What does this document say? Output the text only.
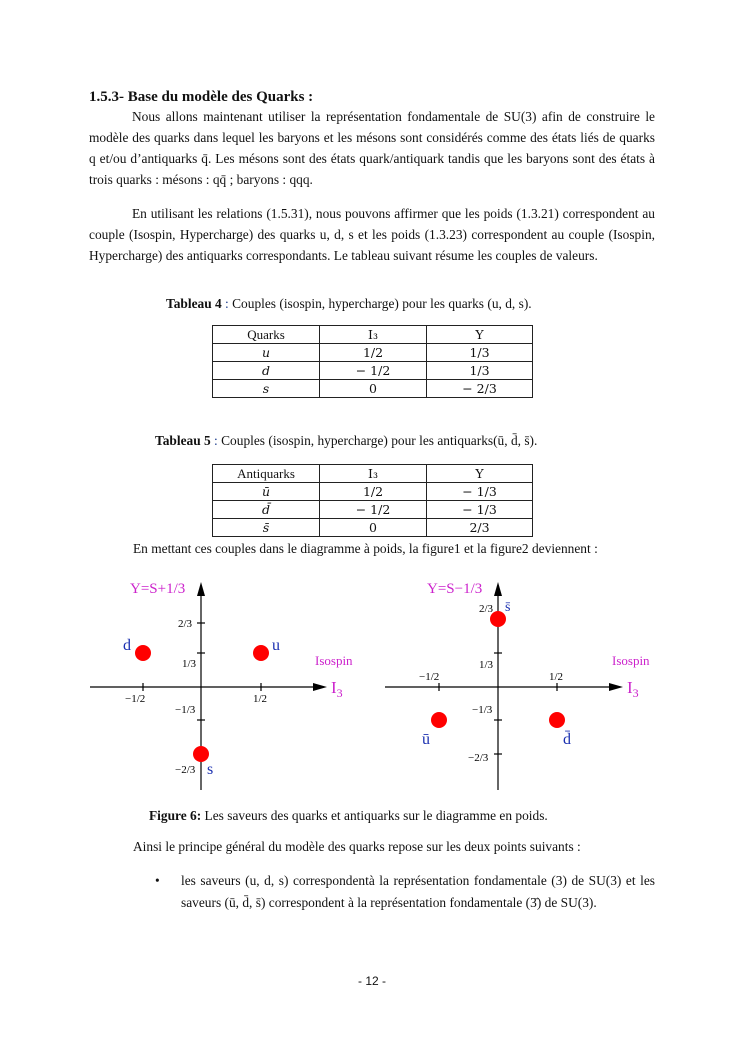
1.5.3- Base du modèle des Quarks :
Nous allons maintenant utiliser la représentation fondamentale de SU(3) afin de construire le modèle des quarks dans lequel les baryons et les mésons sont considérés comme des états liés de quarks q et/ou d’antiquarks q̄. Les mésons sont des états quark/antiquark tandis que les baryons sont des états à trois quarks : mésons : qq̄ ; baryons : qqq.
En utilisant les relations (1.5.31), nous pouvons affirmer que les poids (1.3.21) correspondent au couple (Isospin, Hypercharge) des quarks u, d, s et les poids (1.3.23) correspondent au couple (Isospin, Hypercharge) des antiquarks correspondants. Le tableau suivant résume les couples de valeurs.
Tableau 4 : Couples (isospin, hypercharge) pour les quarks (u, d, s).
Quarks	I₃	Y
u	1/2	1/3
d	− 1/2	1/3
s	0	− 2/3
Tableau 5 : Couples (isospin, hypercharge) pour les antiquarks(ū, d̄, s̄).
Antiquarks	I₃	Y
ū	1/2	− 1/3
d̄	− 1/2	− 1/3
s̄	0	2/3
En mettant ces couples dans le diagramme à poids, la figure1 et la figure2 deviennent :
−1/2	1/2
2/3
1/3
−1/3
−2/3
Y=S+1/3
Isospin
$I_3$
d	u
s
−1/2	1/2
2/3
1/3
−1/3
−2/3
Y=S−1/3
Isospin
$I_3$
s̄
ū	d̄
Figure 6: Les saveurs des quarks et antiquarks sur le diagramme en poids.
Ainsi le principe général du modèle des quarks repose sur les deux points suivants :
• les saveurs (u, d, s) correspondentà la représentation fondamentale (3) de SU(3) et les saveurs (ū, d̄, s̄) correspondent à la représentation fondamentale (3̄) de SU(3).
- 12 -
